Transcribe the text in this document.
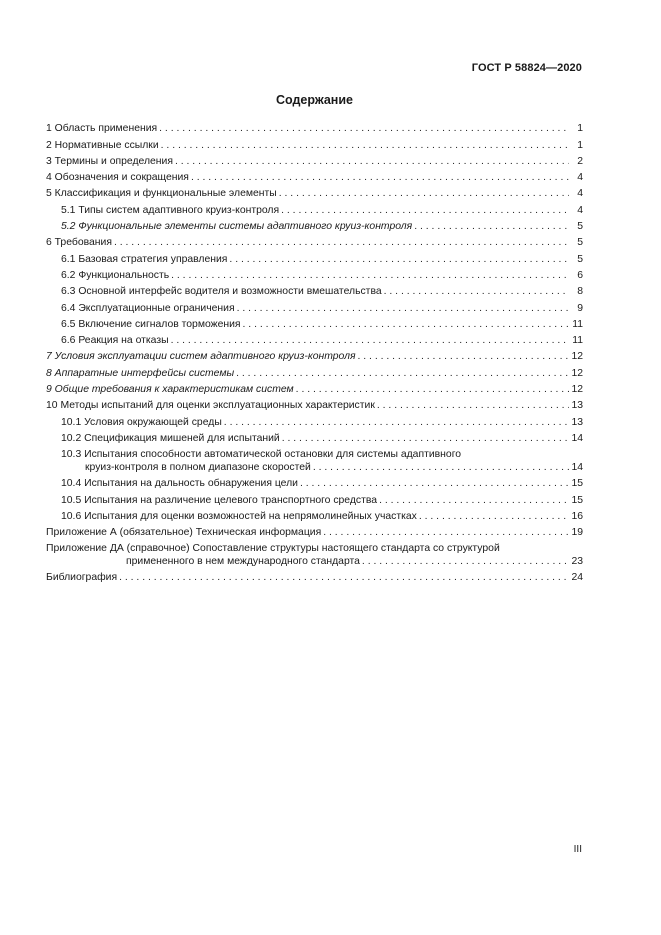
ГОСТ Р 58824—2020
Содержание
1 Область применения . . .	1
2 Нормативные ссылки . . .	1
3 Термины и определения . . .	2
4 Обозначения и сокращения . . .	4
5 Классификация и функциональные элементы . . .	4
5.1 Типы систем адаптивного круиз-контроля . . .	4
5.2 Функциональные элементы системы адаптивного круиз-контроля . . .	5
6 Требования . . .	5
6.1 Базовая стратегия управления . . .	5
6.2 Функциональность . . .	6
6.3 Основной интерфейс водителя и возможности вмешательства . . .	8
6.4 Эксплуатационные ограничения . . .	9
6.5 Включение сигналов торможения . . .	11
6.6 Реакция на отказы . . .	11
7 Условия эксплуатации систем адаптивного круиз-контроля . . .	12
8 Аппаратные интерфейсы системы . . .	12
9 Общие требования к характеристикам систем . . .	12
10 Методы испытаний для оценки эксплуатационных характеристик . . .	13
10.1 Условия окружающей среды . . .	13
10.2 Спецификация мишеней для испытаний . . .	14
10.3 Испытания способности автоматической остановки для системы адаптивного
круиз-контроля в полном диапазоне скоростей . . .	14
10.4 Испытания на дальность обнаружения цели . . .	15
10.5 Испытания на различение целевого транспортного средства . . .	15
10.6 Испытания для оценки возможностей на непрямолинейных участках . . .	16
Приложение А (обязательное) Техническая информация . . .	19
Приложение ДА (справочное) Сопоставление структуры настоящего стандарта со структурой
примененного в нем международного стандарта . . .	23
Библиография . . .	24
III
